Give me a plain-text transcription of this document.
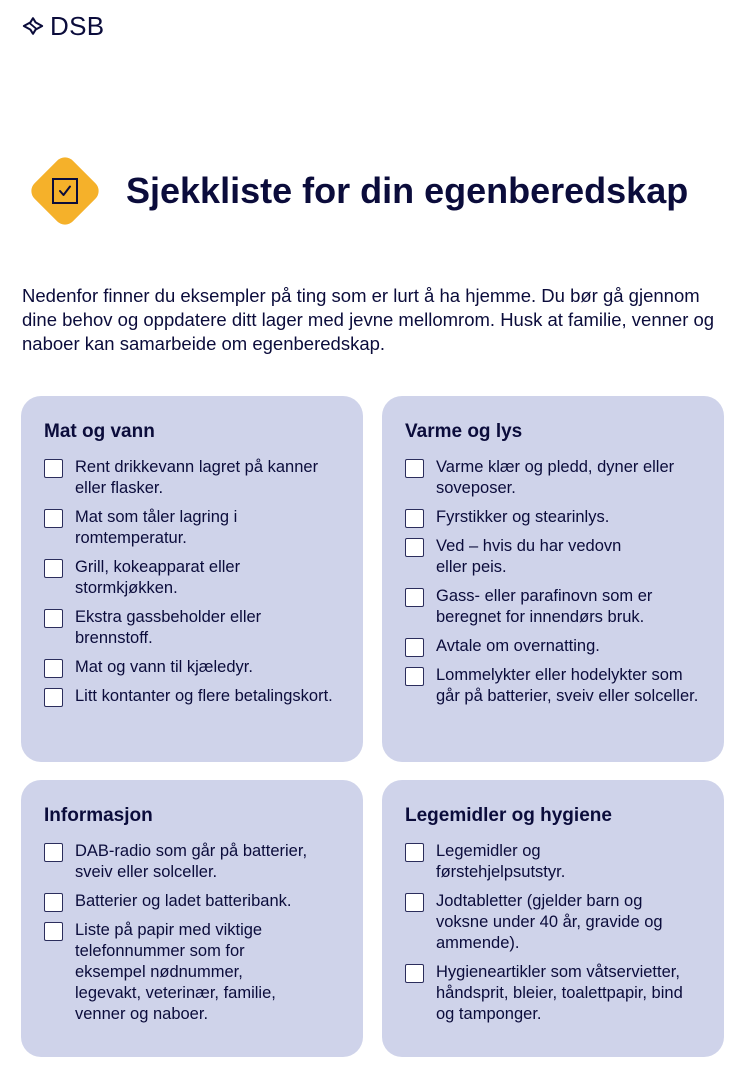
DSB
Sjekkliste for din egenberedskap

Nedenfor finner du eksempler på ting som er lurt å ha hjemme. Du bør gå gjennom dine behov og oppdatere ditt lager med jevne mellomrom. Husk at familie, venner og naboer kan samarbeide om egenberedskap.

Mat og vann
Rent drikkevann lagret på kanner eller flasker.
Mat som tåler lagring i romtemperatur.
Grill, kokeapparat eller stormkjøkken.
Ekstra gassbeholder eller brennstoff.
Mat og vann til kjæledyr.
Litt kontanter og flere betalingskort.
Varme og lys
Varme klær og pledd, dyner eller soveposer.
Fyrstikker og stearinlys.
Ved – hvis du har vedovn eller peis.
Gass- eller parafinovn som er beregnet for innendørs bruk.
Avtale om overnatting.
Lommelykter eller hodelykter som går på batterier, sveiv eller solceller.
Informasjon
DAB-radio som går på batterier, sveiv eller solceller.
Batterier og ladet batteribank.
Liste på papir med viktige telefonnummer som for eksempel nødnummer, legevakt, veterinær, familie, venner og naboer.
Legemidler og hygiene
Legemidler og førstehjelpsutstyr.
Jodtabletter (gjelder barn og voksne under 40 år, gravide og ammende).
Hygieneartikler som våtservietter, håndsprit, bleier, toalettpapir, bind og tamponger.
